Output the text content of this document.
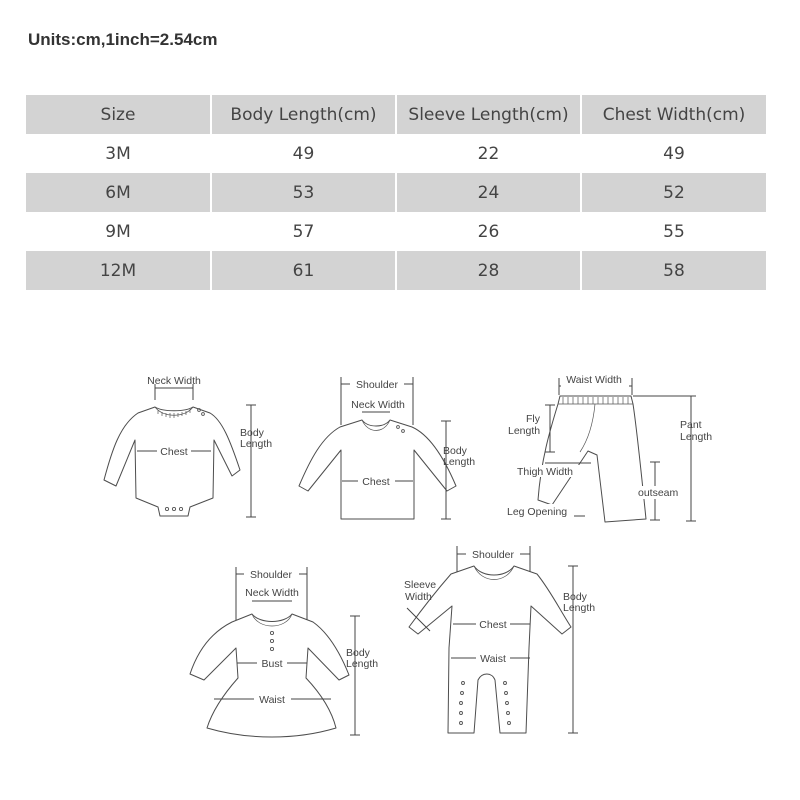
Units:cm,1inch=2.54cm
Size	Body Length(cm)	Sleeve Length(cm)	Chest Width(cm)
3M	49	22	49
6M	53	24	52
9M	57	26	55
12M	61	28	58
Neck Width
Chest
Body
Length
Shoulder
Neck Width
Chest
Body
Length
Waist Width
Fly
Length	Pant
Length
Thigh Width
outseam
Leg Opening
Shoulder
Neck Width
Bust
Waist
Body
Length
Shoulder
Sleeve
Width
Chest
Waist
Body
Length
